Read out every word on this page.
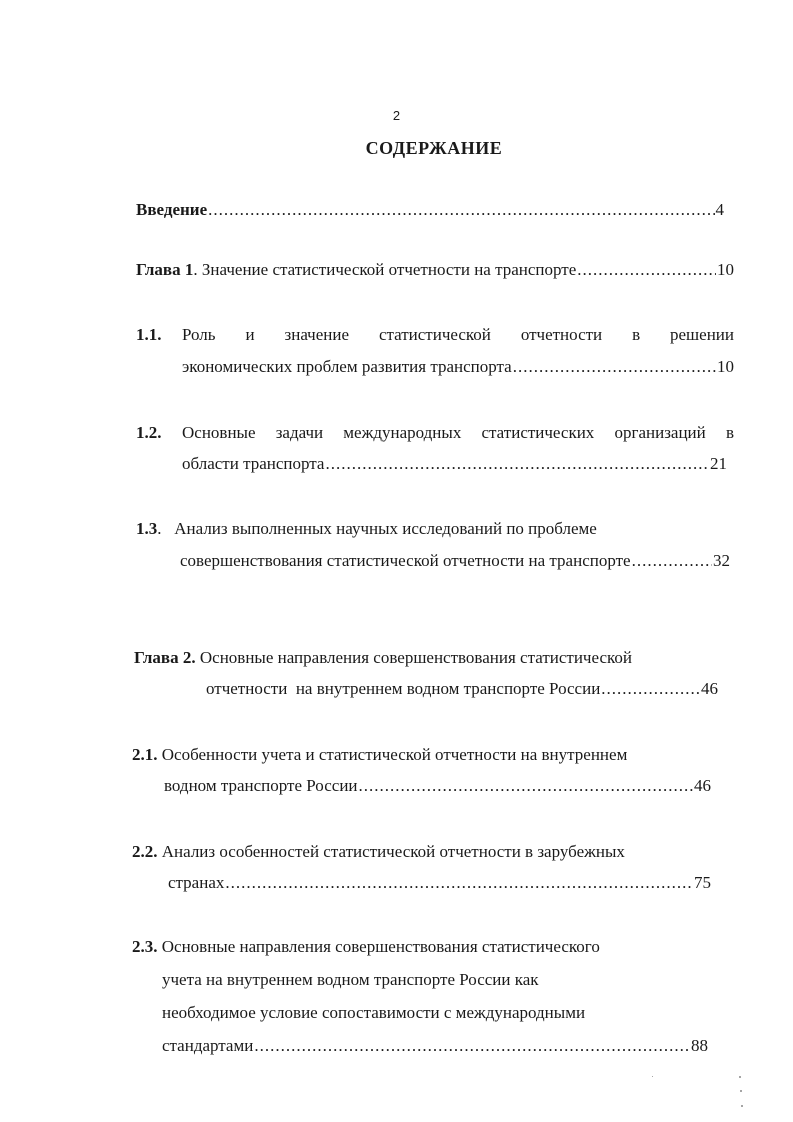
2
СОДЕРЖАНИЕ
Введение .....	4
Глава 1. Значение статистической отчетности на транспорте .....	10
1.1. Роль и значение статистической отчетности в решении
экономических проблем развития транспорта .....	10
1.2. Основные задачи международных статистических организаций в
области транспорта .....	21
1.3.   Анализ выполненных научных исследований по проблеме
совершенствования статистической отчетности на транспорте .....	32
Глава 2. Основные направления совершенствования статистической
отчетности  на внутреннем водном транспорте России .....	46
2.1. Особенности учета и статистической отчетности на внутреннем
водном транспорте России .....	46
2.2. Анализ особенностей статистической отчетности в зарубежных
странах .....	75
2.3. Основные направления совершенствования статистического
учета на внутреннем водном транспорте России как
необходимое условие сопоставимости с международными
стандартами .....	88
